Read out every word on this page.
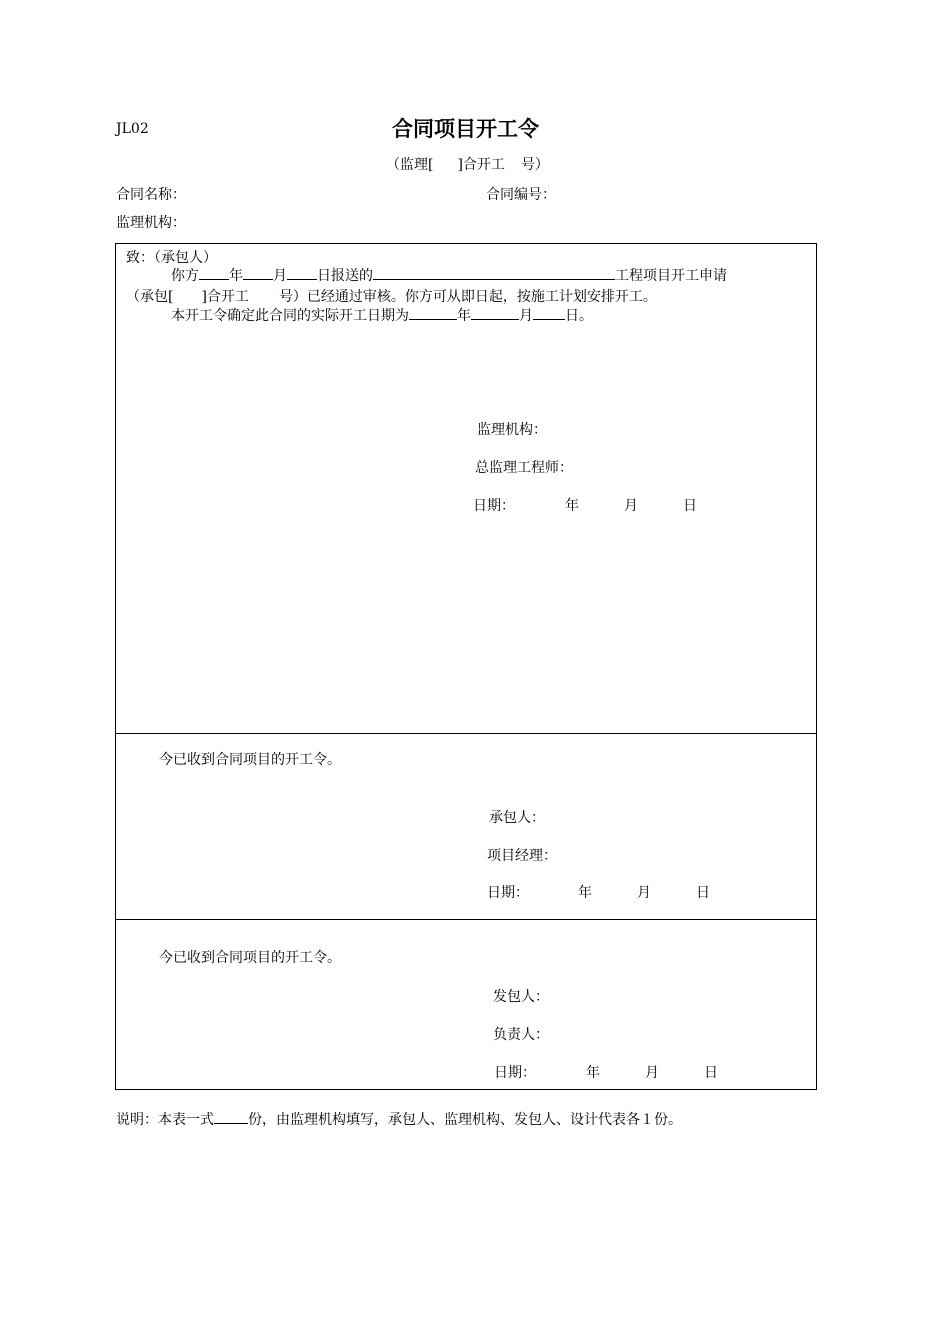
JL02	合同项目开工令
（监理[ ]合开工 号）
合同名称：	合同编号：
监理机构：
致：（承包人）
你方 年 月 日报送的	工程项目开工申请
（承包[ ]合开工 号）已经通过审核。你方可从即日起，按施工计划安排开工。
本开工令确定此合同的实际开工日期为	年	月 日。
监理机构：
总监理工程师：
日期：	年	月	日
今已收到合同项目的开工令。
承包人：
项目经理：
日期：	年	月	日
今已收到合同项目的开工令。
发包人：
负责人：
日期：	年	月	日
说明：本表一式 份，由监理机构填写，承包人、监理机构、发包人、设计代表各１份。
